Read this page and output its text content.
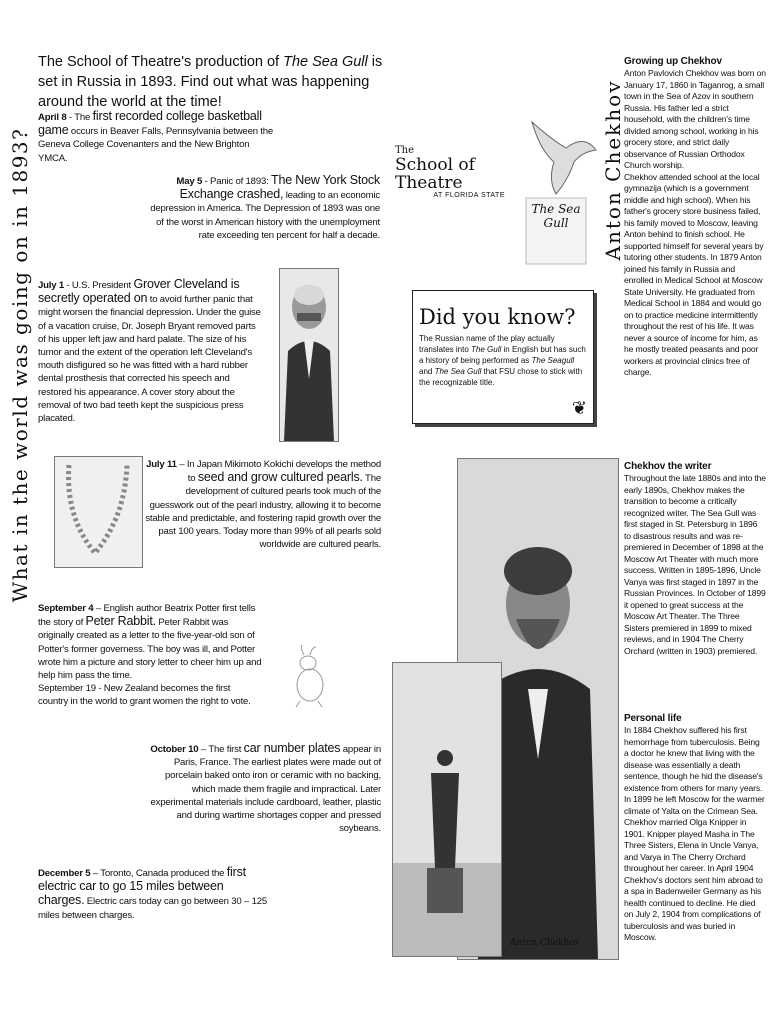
What in the world was going on in 1893?
The School of Theatre's production of The Sea Gull is set in Russia in 1893. Find out what was happening around the world at the time!
April 8 - The first recorded college basketball game occurs in Beaver Falls, Pennsylvania between the Geneva College Covenanters and the New Brighton YMCA.
May 5 - Panic of 1893: The New York Stock Exchange crashed, leading to an economic depression in America. The Depression of 1893 was one of the worst in American history with the unemployment rate exceeding ten percent for half a decade.
July 1 - U.S. President Grover Cleveland is secretly operated on to avoid further panic that might worsen the financial depression. Under the guise of a vacation cruise, Dr. Joseph Bryant removed parts of his upper left jaw and hard palate. The size of his tumor and the extent of the operation left Cleveland's mouth disfigured so he was fitted with a hard rubber dental prosthesis that corrected his speech and restored his appearance. A cover story about the removal of two bad teeth kept the suspicious press placated.
July 11 – In Japan Mikimoto Kokichi develops the method to seed and grow cultured pearls. The development of cultured pearls took much of the guesswork out of the pearl industry, allowing it to become stable and predictable, and fostering rapid growth over the past 100 years. Today more than 99% of all pearls sold worldwide are cultured pearls.
September 4 – English author Beatrix Potter first tells the story of Peter Rabbit. Peter Rabbit was originally created as a letter to the five-year-old son of Potter's former governess. The boy was ill, and Potter wrote him a picture and story letter to cheer him up and help him pass the time.
September 19 - New Zealand becomes the first country in the world to grant women the right to vote.
October 10 – The first car number plates appear in Paris, France. The earliest plates were made out of porcelain baked onto iron or ceramic with no backing, which made them fragile and impractical. Later experimental materials include cardboard, leather, plastic and during wartime shortages copper and pressed soybeans.
December 5 – Toronto, Canada produced the first electric car to go 15 miles between charges. Electric cars today can go between 30 – 125 miles between charges.
The
School of Theatre
AT FLORIDA STATE
The Sea Gull
Did you know?

The Russian name of the play actually translates into The Gull in English but has such a history of being performed as The Seagull and The Sea Gull that FSU chose to stick with the recognizable title.

❦
Anton Chekhov
Growing up Chekhov
Anton Pavlovich Chekhov was born on January 17, 1860 in Taganrog, a small town in the Sea of Azov in southern Russia. His father led a strict household, with the children's time divided among school, working in his grocery store, and strict daily observance of Russian Orthodox Church worship.
Chekhov attended school at the local gymnazija (which is a government middle and high school). When his father's grocery store business failed, his family moved to Moscow, leaving Anton behind to finish school. He supported himself for several years by tutoring other students. In 1879 Anton joined his family in Russia and enrolled in Medical School at Moscow State University. He graduated from Medical School in 1884 and would go on to practice medicine intermittently throughout the rest of his life. It was never a source of income for him, as he mostly treated peasants and poor workers at provincial clinics free of charge.
Chekhov the writer
Throughout the late 1880s and into the early 1890s, Chekhov makes the transition to become a critically recognized writer. The Sea Gull was first staged in St. Petersburg in 1896 to disastrous results and was re-premiered in December of 1898 at the Moscow Art Theater with much more success. Written in 1895-1896, Uncle Vanya was first staged in 1897 in the Russian Provinces. In October of 1899 it opened to great success at the Moscow Art Theater. The Three Sisters premiered in 1899 to mixed reviews, and in 1904 The Cherry Orchard (written in 1903) premiered.
Personal life
In 1884 Chekhov suffered his first hemorrhage from tuberculosis. Being a doctor he knew that living with the disease was essentially a death sentence, though he hid the disease's existence from others for many years. In 1899 he left Moscow for the warmer climate of Yalta on the Crimean Sea. Chekhov married Olga Knipper in 1901. Knipper played Masha in The Three Sisters, Elena in Uncle Vanya, and Varya in The Cherry Orchard throughout her career. In April 1904 Chekhov's doctors sent him abroad to a spa in Badenweiler Germany as his health continued to decline. He died on July 2, 1904 from complications of tuberculosis and was buried in Moscow.
Anton Chekhov
